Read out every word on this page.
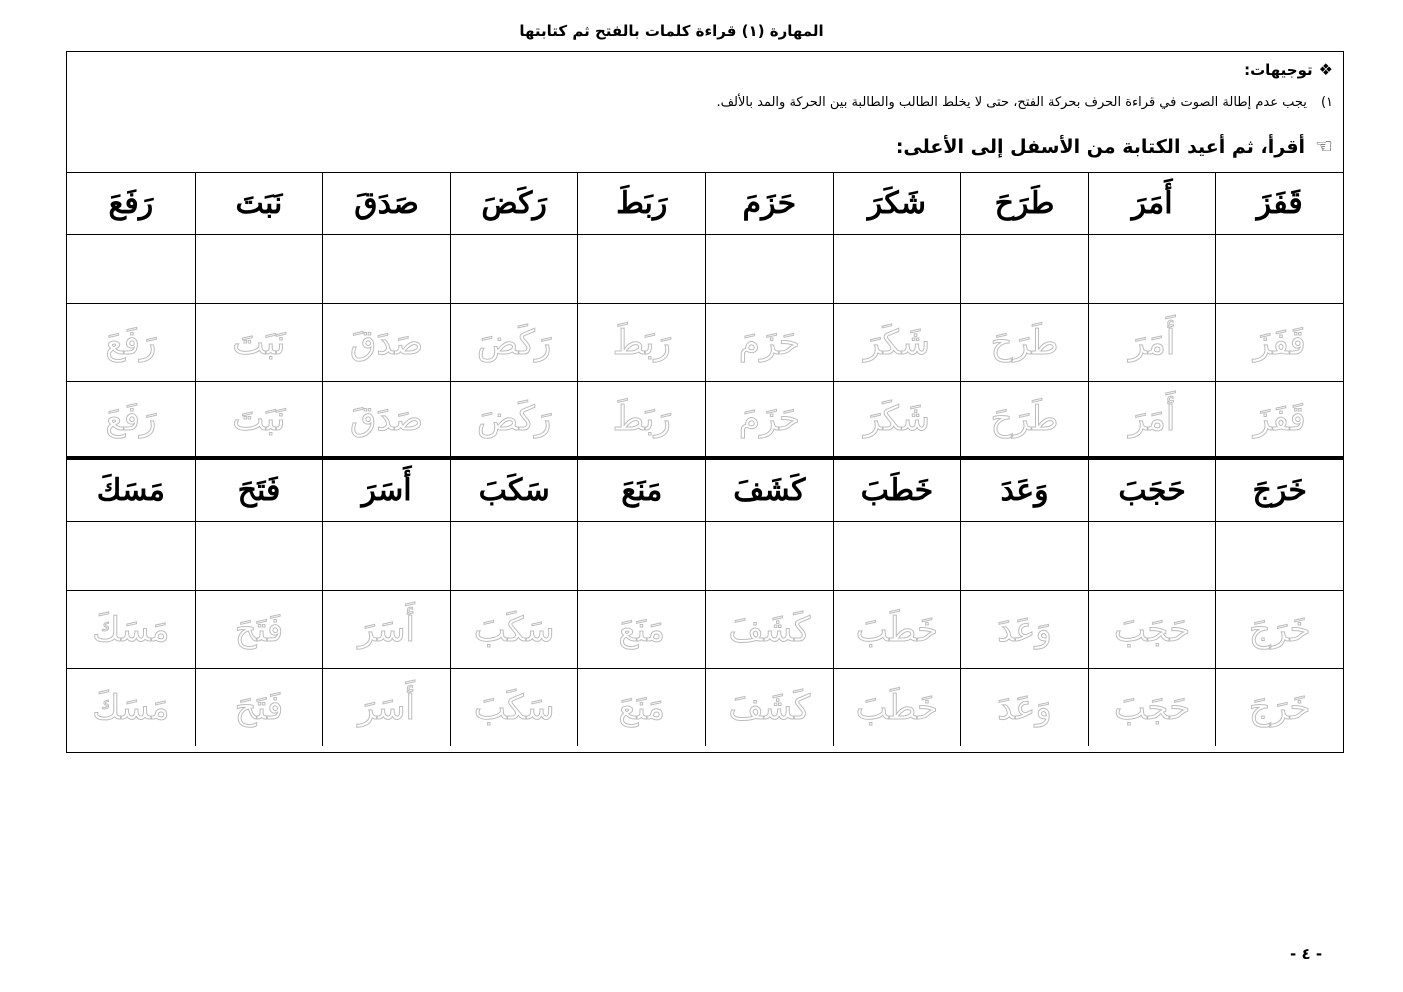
المهارة (١) قراءة كلمات بالفتح ثم كتابتها
❖توجيهات:
١)يجب عدم إطالة الصوت في قراءة الحرف بحركة الفتح، حتى لا يخلط الطالب والطالبة بين الحركة والمد بالألف.
☜أقرأ، ثم أعيد الكتابة من الأسفل إلى الأعلى:
قَفَزَ
أَمَرَ
طَرَحَ
شَكَرَ
حَزَمَ
رَبَطَ
رَكَضَ
صَدَقَ
نَبَتَ
رَفَعَ
قَفَزَ
أَمَرَ
طَرَحَ
شَكَرَ
حَزَمَ
رَبَطَ
رَكَضَ
صَدَقَ
نَبَتَ
رَفَعَ
قَفَزَ
أَمَرَ
طَرَحَ
شَكَرَ
حَزَمَ
رَبَطَ
رَكَضَ
صَدَقَ
نَبَتَ
رَفَعَ
خَرَجَ
حَجَبَ
وَعَدَ
خَطَبَ
كَشَفَ
مَنَعَ
سَكَبَ
أَسَرَ
فَتَحَ
مَسَكَ
خَرَجَ
حَجَبَ
وَعَدَ
خَطَبَ
كَشَفَ
مَنَعَ
سَكَبَ
أَسَرَ
فَتَحَ
مَسَكَ
خَرَجَ
حَجَبَ
وَعَدَ
خَطَبَ
كَشَفَ
مَنَعَ
سَكَبَ
أَسَرَ
فَتَحَ
مَسَكَ
- ٤ -
